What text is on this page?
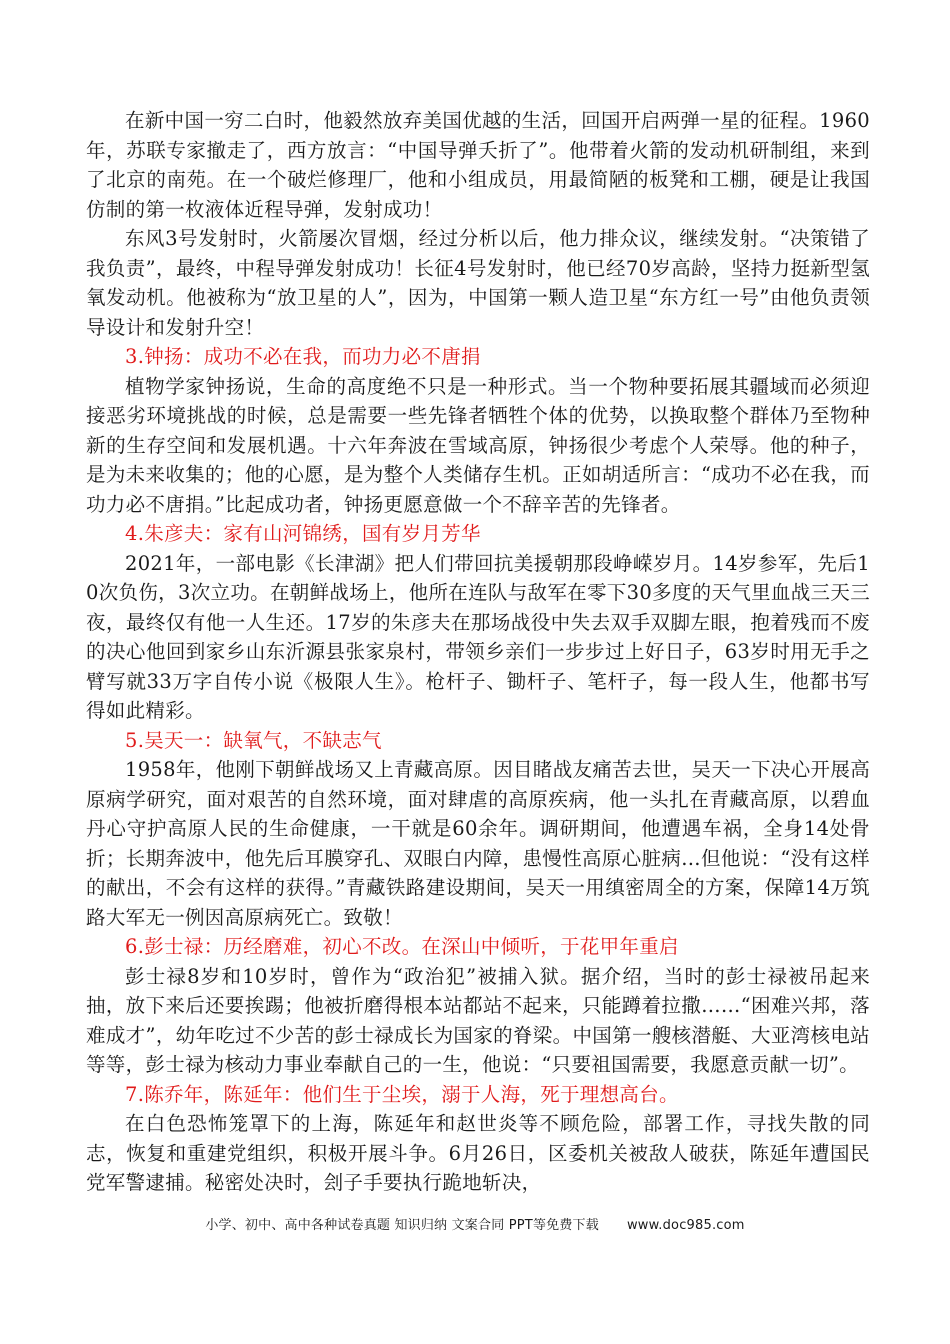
在新中国一穷二白时，他毅然放弃美国优越的生活，回国开启两弹一星的征程。1960年，苏联专家撤走了，西方放言：“中国导弹夭折了”。他带着火箭的发动机研制组，来到了北京的南苑。在一个破烂修理厂，他和小组成员，用最简陋的板凳和工棚，硬是让我国仿制的第一枚液体近程导弹，发射成功！

东风3号发射时，火箭屡次冒烟，经过分析以后，他力排众议，继续发射。“决策错了我负责”，最终，中程导弹发射成功！长征4号发射时，他已经70岁高龄，坚持力挺新型氢氧发动机。他被称为“放卫星的人”，因为，中国第一颗人造卫星“东方红一号”由他负责领导设计和发射升空！

3.钟扬：成功不必在我，而功力必不唐捐

植物学家钟扬说，生命的高度绝不只是一种形式。当一个物种要拓展其疆域而必须迎接恶劣环境挑战的时候，总是需要一些先锋者牺牲个体的优势，以换取整个群体乃至物种新的生存空间和发展机遇。十六年奔波在雪域高原，钟扬很少考虑个人荣辱。他的种子，是为未来收集的；他的心愿，是为整个人类储存生机。正如胡适所言：“成功不必在我，而功力必不唐捐。”比起成功者，钟扬更愿意做一个不辞辛苦的先锋者。

4.朱彦夫：家有山河锦绣，国有岁月芳华

2021年，一部电影《长津湖》把人们带回抗美援朝那段峥嵘岁月。14岁参军，先后10次负伤，3次立功。在朝鲜战场上，他所在连队与敌军在零下30多度的天气里血战三天三夜，最终仅有他一人生还。17岁的朱彦夫在那场战役中失去双手双脚左眼，抱着残而不废的决心他回到家乡山东沂源县张家泉村，带领乡亲们一步步过上好日子，63岁时用无手之臂写就33万字自传小说《极限人生》。枪杆子、锄杆子、笔杆子，每一段人生，他都书写得如此精彩。

5.吴天一：缺氧气，不缺志气

1958年，他刚下朝鲜战场又上青藏高原。因目睹战友痛苦去世，吴天一下决心开展高原病学研究，面对艰苦的自然环境，面对肆虐的高原疾病，他一头扎在青藏高原，以碧血丹心守护高原人民的生命健康，一干就是60余年。调研期间，他遭遇车祸，全身14处骨折；长期奔波中，他先后耳膜穿孔、双眼白内障，患慢性高原心脏病…但他说：“没有这样的献出，不会有这样的获得。”青藏铁路建设期间，吴天一用缜密周全的方案，保障14万筑路大军无一例因高原病死亡。致敬！

6.彭士禄：历经磨难，初心不改。在深山中倾听，于花甲年重启

彭士禄8岁和10岁时，曾作为“政治犯”被捕入狱。据介绍，当时的彭士禄被吊起来抽，放下来后还要挨踢；他被折磨得根本站都站不起来，只能蹲着拉撒……“困难兴邦，落难成才”，幼年吃过不少苦的彭士禄成长为国家的脊梁。中国第一艘核潜艇、大亚湾核电站等等，彭士禄为核动力事业奉献自己的一生，他说：“只要祖国需要，我愿意贡献一切”。

7.陈乔年，陈延年：他们生于尘埃，溺于人海，死于理想高台。

在白色恐怖笼罩下的上海，陈延年和赵世炎等不顾危险，部署工作，寻找失散的同志，恢复和重建党组织，积极开展斗争。6月26日，区委机关被敌人破获，陈延年遭国民党军警逮捕。秘密处决时，刽子手要执行跪地斩决，

小学、初中、高中各种试卷真题 知识归纳 文案合同 PPT等免费下载 www.doc985.com
